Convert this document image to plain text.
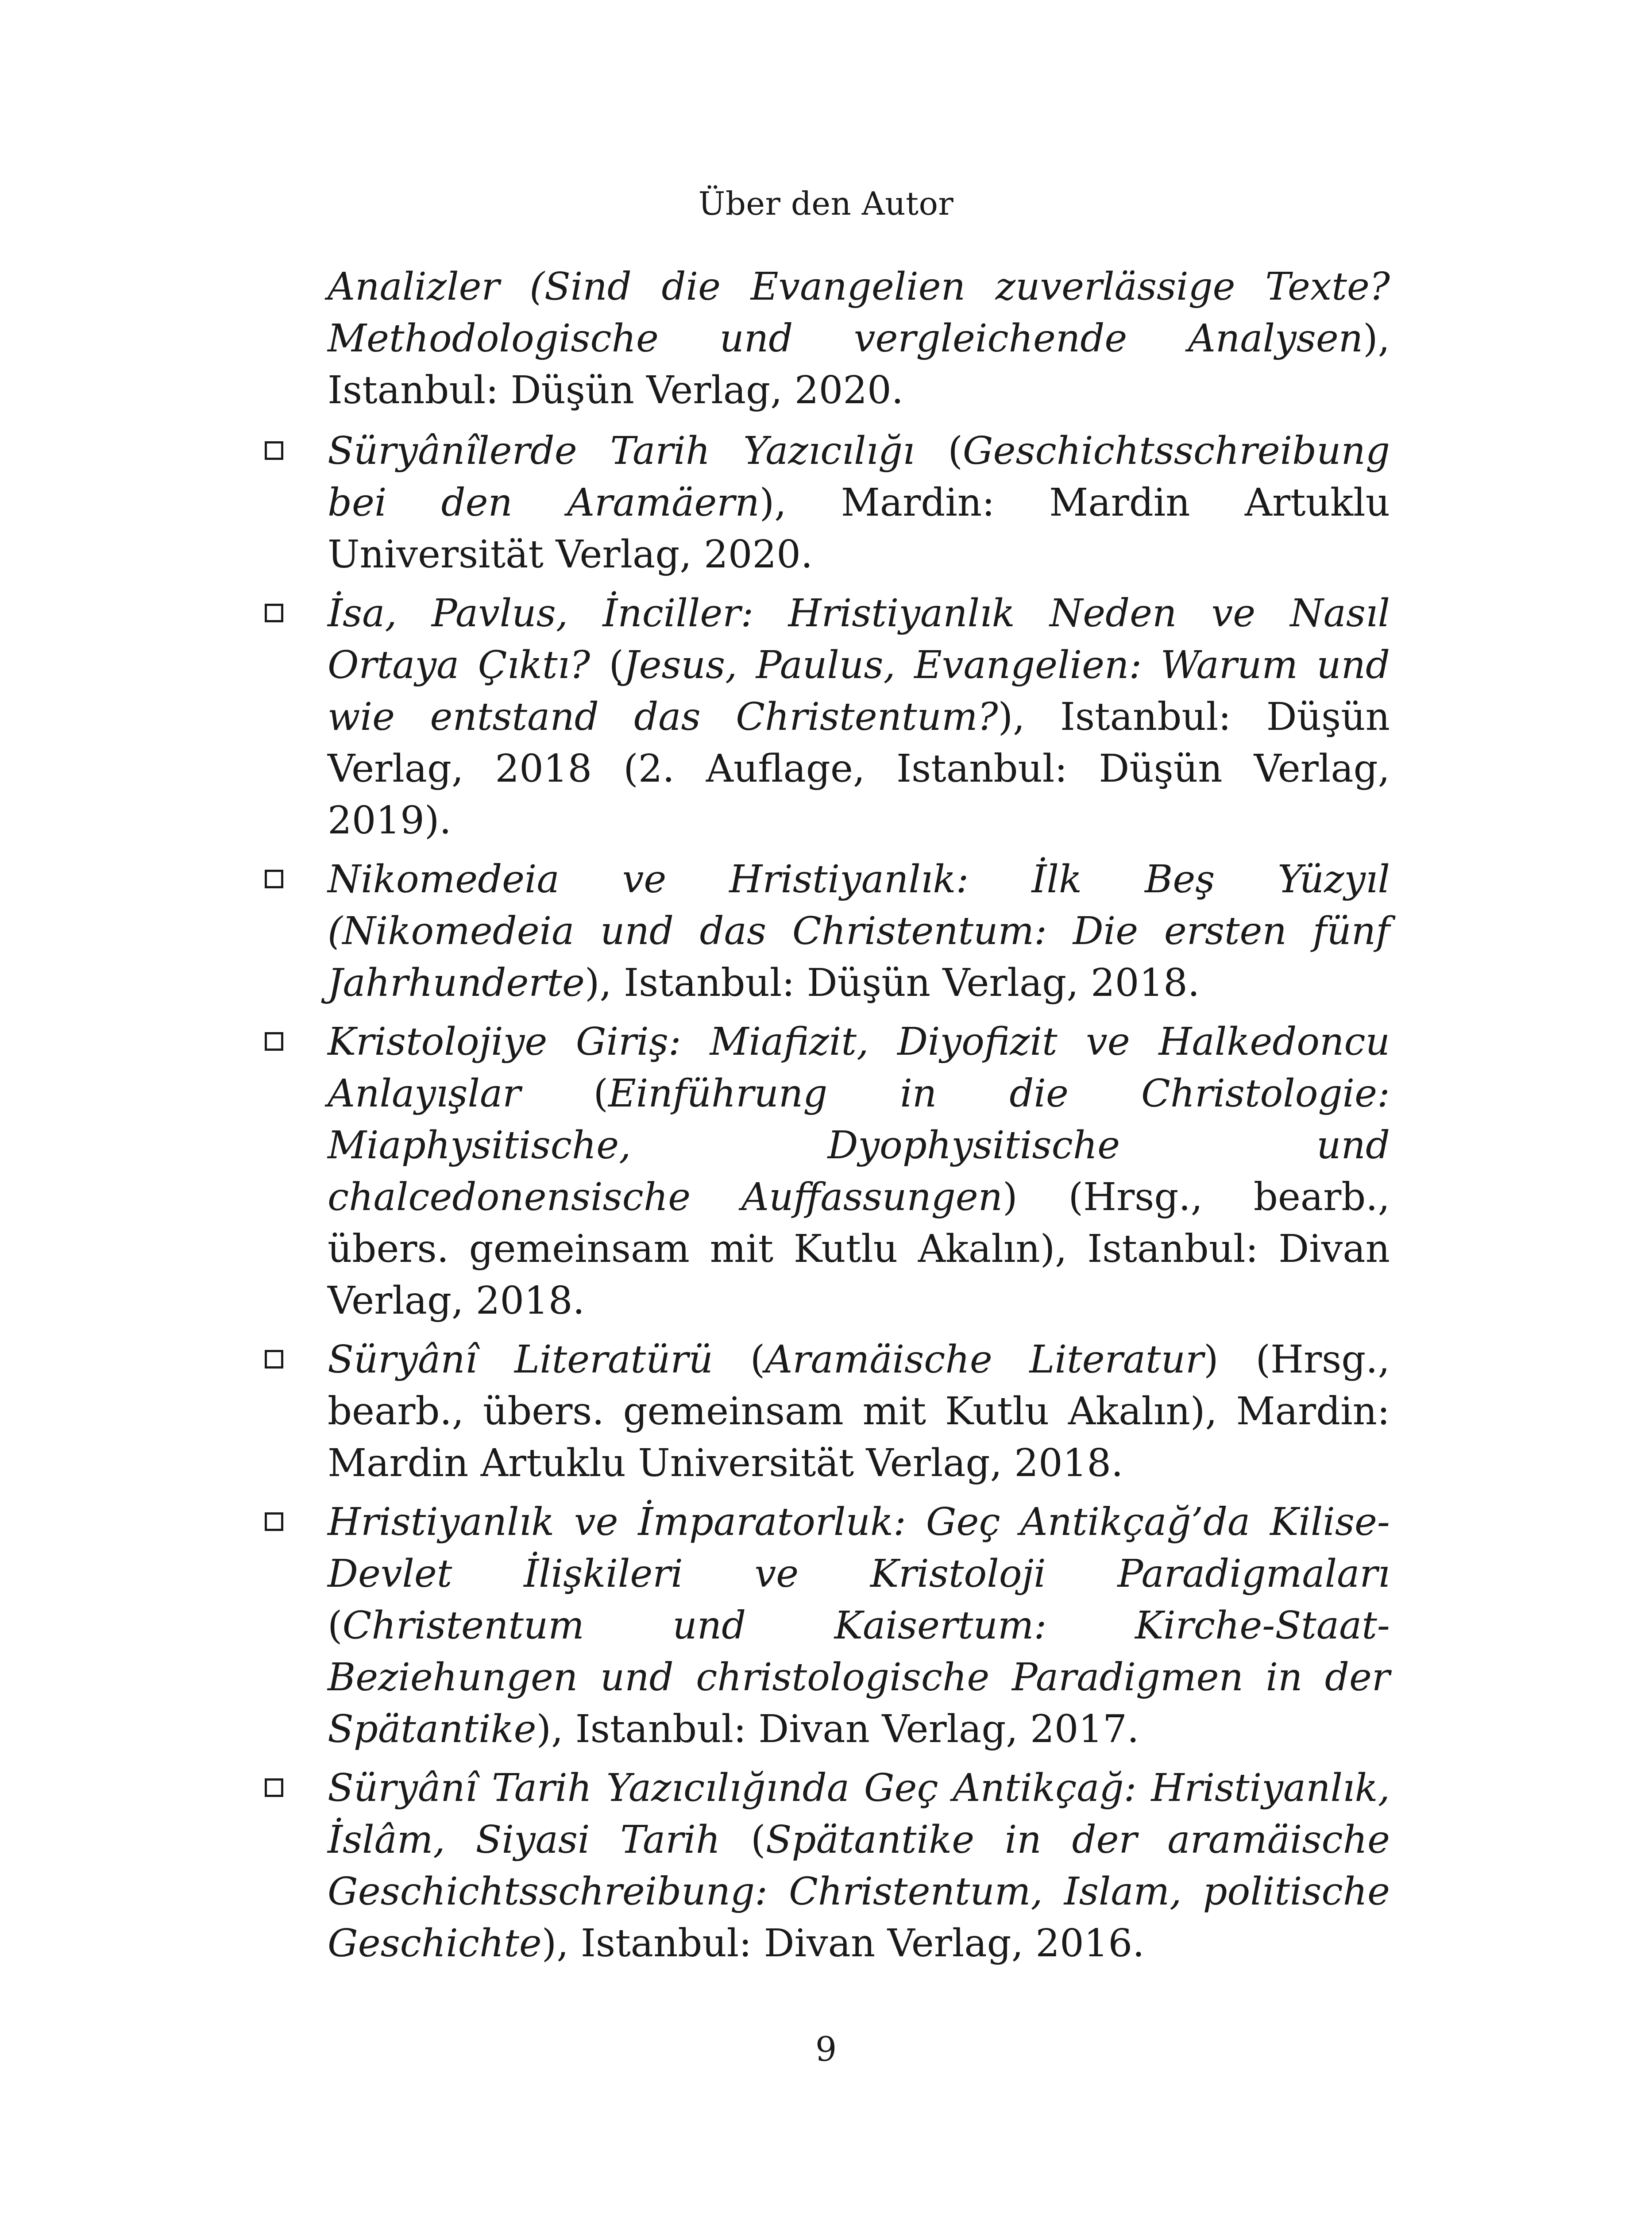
Über den Autor
Analizler (Sind die Evangelien zuverlässige Texte? Methodologische und vergleichende Analysen), Istanbul: Düşün Verlag, 2020.
Süryânîlerde Tarih Yazıcılığı (Geschichtsschreibung bei den Aramäern), Mardin: Mardin Artuklu Universität Verlag, 2020.
İsa, Pavlus, İnciller: Hristiyanlık Neden ve Nasıl Ortaya Çıktı? (Jesus, Paulus, Evangelien: Warum und wie entstand das Christentum?), Istanbul: Düşün Verlag, 2018 (2. Auflage, Istanbul: Düşün Verlag, 2019).
Nikomedeia ve Hristiyanlık: İlk Beş Yüzyıl (Nikomedeia und das Christentum: Die ersten fünf Jahrhunderte), Istanbul: Düşün Verlag, 2018.
Kristolojiye Giriş: Miafizit, Diyofizit ve Halkedoncu Anlayışlar (Einführung in die Christologie: Miaphysitische, Dyophysitische und chalcedonensische Auffassungen) (Hrsg., bearb., übers. gemeinsam mit Kutlu Akalın), Istanbul: Divan Verlag, 2018.
Süryânî Literatürü (Aramäische Literatur) (Hrsg., bearb., übers. gemeinsam mit Kutlu Akalın), Mardin: Mardin Artuklu Universität Verlag, 2018.
Hristiyanlık ve İmparatorluk: Geç Antikçağ’da Kilise-Devlet İlişkileri ve Kristoloji Paradigmaları (Christentum und Kaisertum: Kirche-Staat-Beziehungen und christologische Paradigmen in der Spätantike), Istanbul: Divan Verlag, 2017.
Süryânî Tarih Yazıcılığında Geç Antikçağ: Hristiyanlık, İslâm, Siyasi Tarih (Spätantike in der aramäische Geschichtsschreibung: Christentum, Islam, politische Geschichte), Istanbul: Divan Verlag, 2016.
9
